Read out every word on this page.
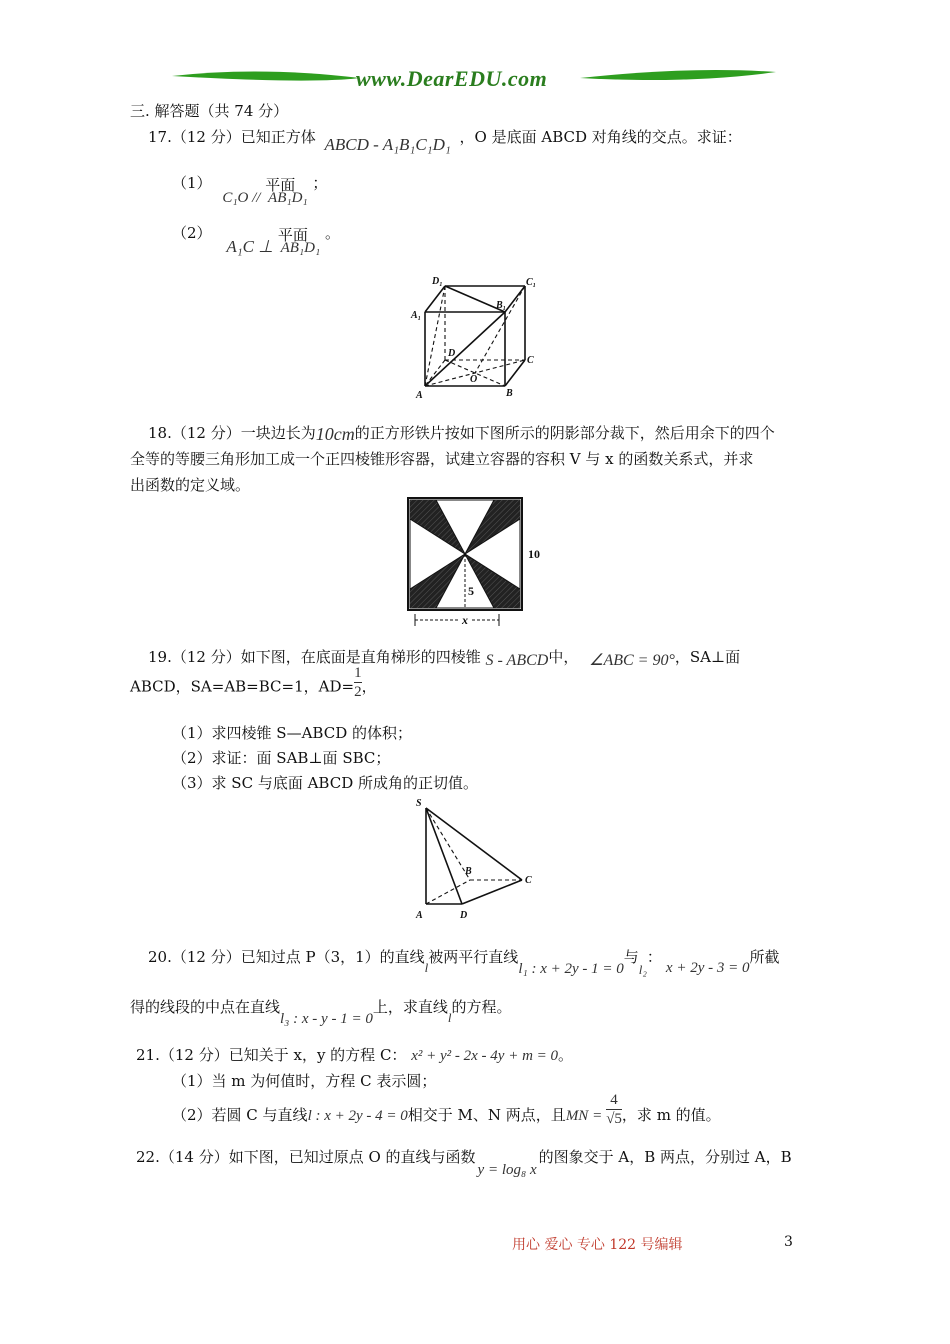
www.DearEDU.com
三. 解答题（共 74 分）
17.（12 分）已知正方体 ABCD - A₁B₁C₁D₁ ，O 是底面 ABCD 对角线的交点。求证：
（1） C₁O // 平面 AB₁D₁ ；
（2） A₁C ⊥ 平面 AB₁D₁ 。
D₁	C₁
A₁
B₁
D
C
O
A	B
18.（12 分）一块边长为10cm的正方形铁片按如下图所示的阴影部分裁下，然后用余下的四个
全等的等腰三角形加工成一个正四棱锥形容器，试建立容器的容积 V 与 x 的函数关系式，并求
出函数的定义域。
10
5
x
19.（12 分）如下图，在底面是直角梯形的四棱锥 S - ABCD中， ∠ABC = 90°，SA⊥面
ABCD，SA=AB=BC=1，$AD= \frac{1}{2}$ ，
（1）求四棱锥 S—ABCD 的体积；
（2）求证：面 SAB⊥面 SBC；
（3）求 SC 与底面 ABCD 所成角的正切值。
S
B
C
A	D
20.（12 分）已知过点 P（3，1）的直线l被两平行直线l₁ : x + 2y - 1 = 0与l₂：x + 2y - 3 = 0所截
得的线段的中点在直线l₃ : x - y - 1 = 0上，求直线l的方程。
21.（12 分）已知关于 x，y 的方程 C： x² + y² - 2x - 4y + m = 0。
（1）当 m 为何值时，方程 C 表示圆；
（2）若圆 C 与直线l : x + 2y - 4 = 0相交于 M、N 两点，且MN = $\frac{4}{√5}$ ，求 m 的值。
22.（14 分）如下图，已知过原点 O 的直线与函数y = log₈ x的图象交于 A，B 两点，分别过 A，B
用心 爱心 专心 122 号编辑	3
